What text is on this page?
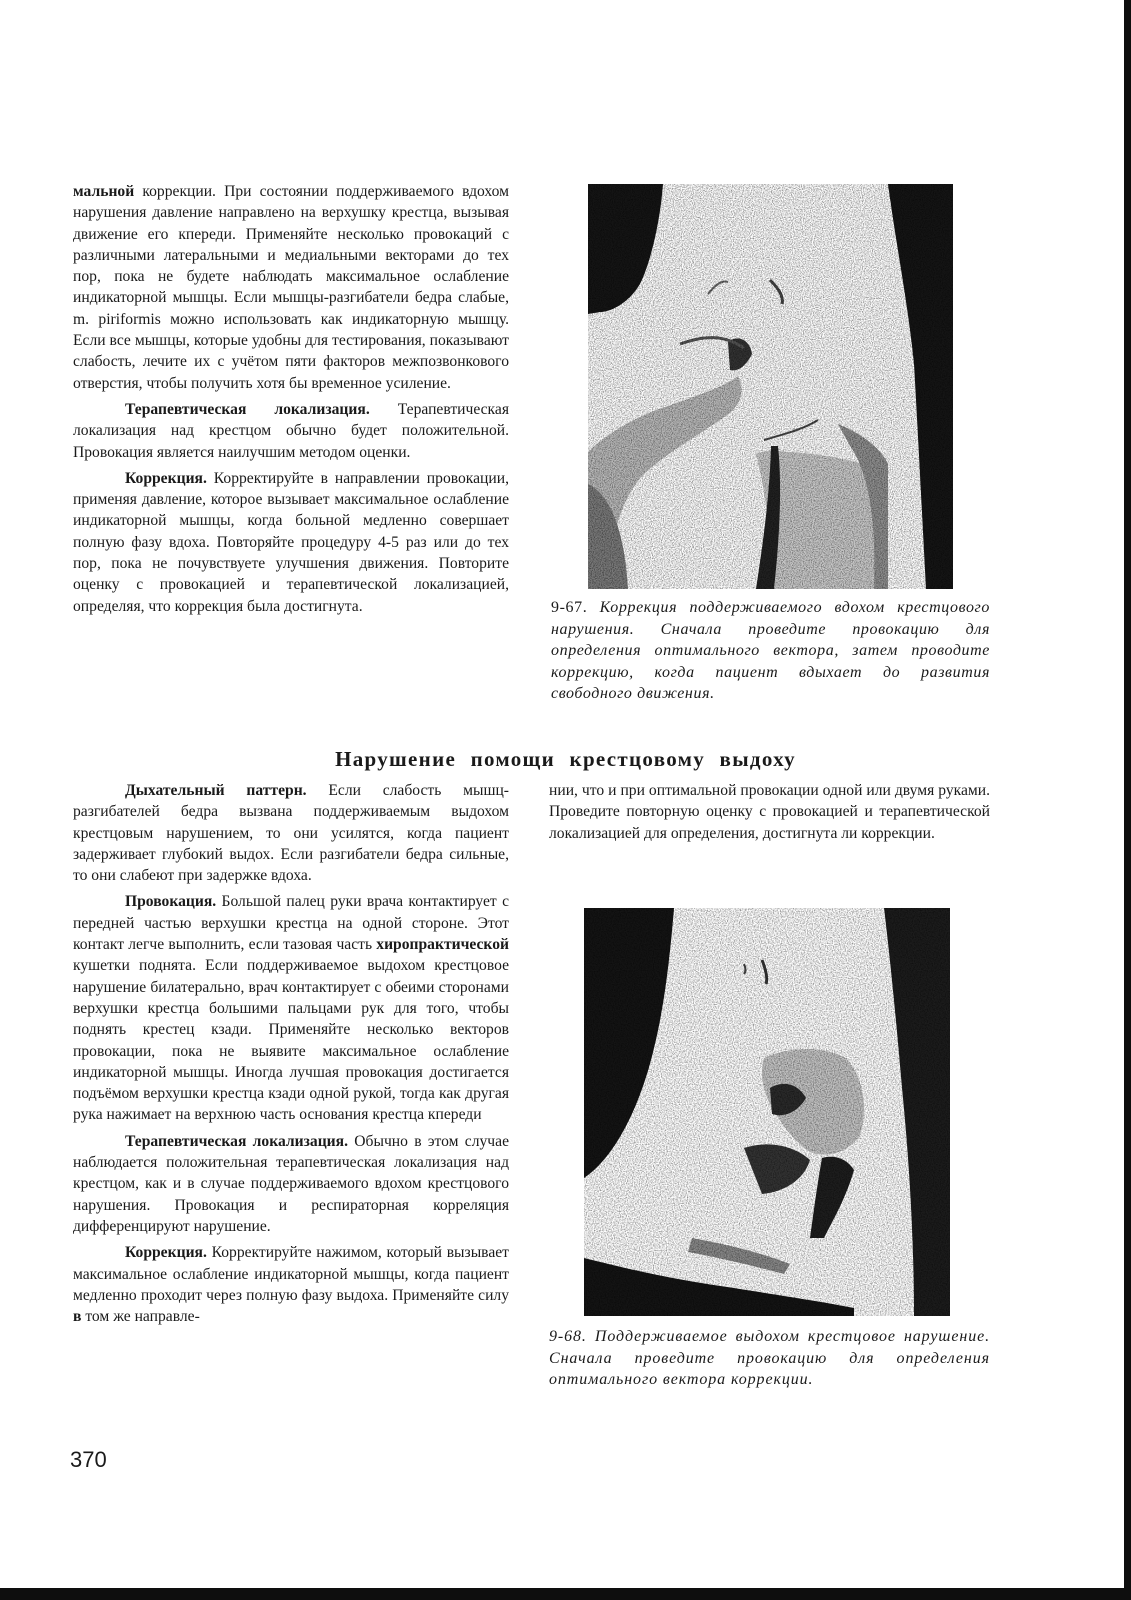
мальной коррекции. При состоянии поддерживаемого вдохом нарушения давление направлено на верхушку крестца, вызывая движение его кпереди. Применяйте несколько провокаций с различными латеральными и медиальными векторами до тех пор, пока не будете наблюдать максимальное ослабление индикаторной мышцы. Если мышцы-разгибатели бедра слабые, m. piriformis можно использовать как индикаторную мышцу. Если все мышцы, которые удобны для тестирования, показывают слабость, лечите их с учётом пяти факторов межпозвонкового отверстия, чтобы получить хотя бы временное усиление.

Терапевтическая локализация. Терапевтическая локализация над крестцом обычно будет положительной. Провокация является наилучшим методом оценки.

Коррекция. Корректируйте в направлении провокации, применяя давление, которое вызывает максимальное ослабление индикаторной мышцы, когда больной медленно совершает полную фазу вдоха. Повторяйте процедуру 4-5 раз или до тех пор, пока не почувствуете улучшения движения. Повторите оценку с провокацией и терапевтической локализацией, определяя, что коррекция была достигнута.	9-67. Коррекция поддерживаемого вдохом крестцового нарушения. Сначала проведите провокацию для определения оптимального вектора, затем проводите коррекцию, когда пациент вдыхает до развития свободного движения.
Нарушение помощи крестцовому выдоху

Дыхательный паттерн. Если слабость мышц-разгибателей бедра вызвана поддерживаемым выдохом крестцовым нарушением, то они усилятся, когда пациент задерживает глубокий выдох. Если разгибатели бедра сильные, то они слабеют при задержке вдоха.

Провокация. Большой палец руки врача контактирует с передней частью верхушки крестца на одной стороне. Этот контакт легче выполнить, если тазовая часть хиропрактической кушетки поднята. Если поддерживаемое выдохом крестцовое нарушение билатерально, врач контактирует с обеими сторонами верхушки крестца большими пальцами рук для того, чтобы поднять крестец кзади. Применяйте несколько векторов провокации, пока не выявите максимальное ослабление индикаторной мышцы. Иногда лучшая провокация достигается подъёмом верхушки крестца кзади одной рукой, тогда как другая рука нажимает на верхнюю часть основания крестца кпереди

Терапевтическая локализация. Обычно в этом случае наблюдается положительная терапевтическая локализация над крестцом, как и в случае поддерживаемого вдохом крестцового нарушения. Провокация и респираторная корреляция дифференцируют нарушение.

Коррекция. Корректируйте нажимом, который вызывает максимальное ослабление индикаторной мышцы, когда пациент медленно проходит через полную фазу выдоха. Применяйте силу в том же направле-

нии, что и при оптимальной провокации одной или двумя руками. Проведите повторную оценку с провокацией и терапевтической локализацией для определения, достигнута ли коррекции.

9-68. Поддерживаемое выдохом крестцовое нарушение. Сначала проведите провокацию для определения оптимального вектора коррекции.
370
